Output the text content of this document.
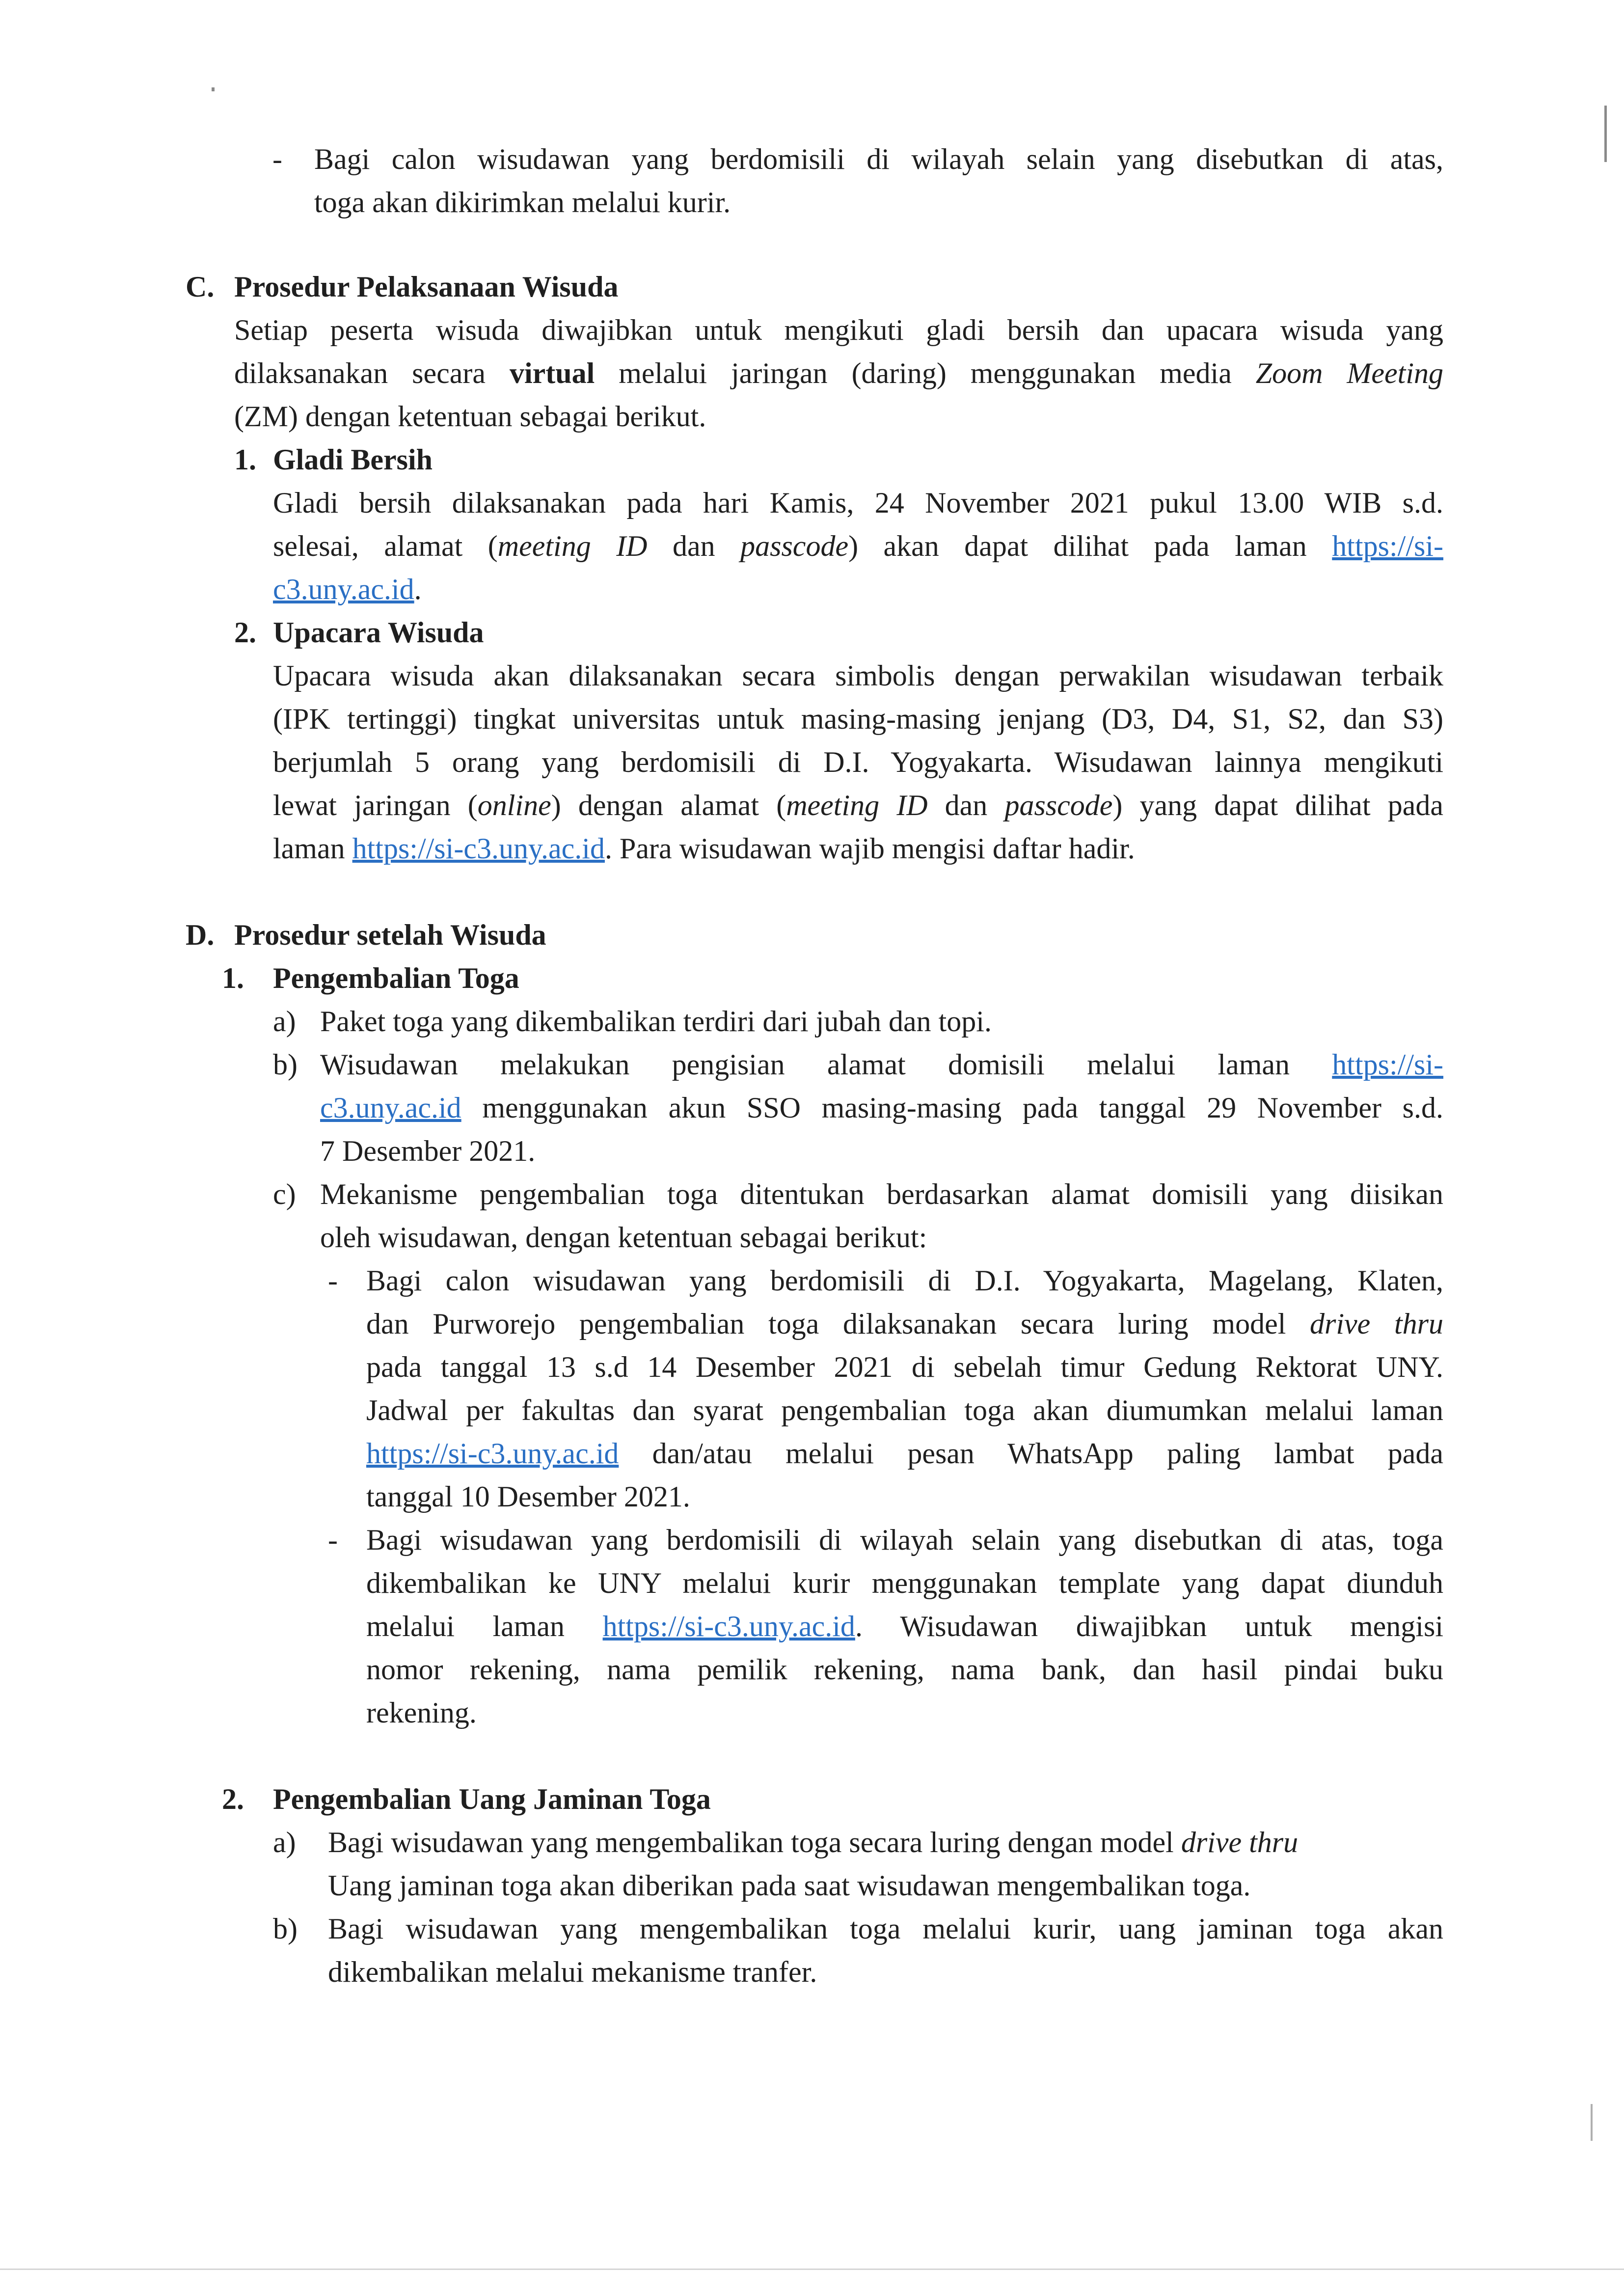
- Bagi calon wisudawan yang berdomisili di wilayah selain yang disebutkan di atas,
toga akan dikirimkan melalui kurir.
C. Prosedur Pelaksanaan Wisuda
Setiap peserta wisuda diwajibkan untuk mengikuti gladi bersih dan upacara wisuda yang
dilaksanakan secara virtual melalui jaringan (daring) menggunakan media Zoom Meeting
(ZM) dengan ketentuan sebagai berikut.
1. Gladi Bersih
Gladi bersih dilaksanakan pada hari Kamis, 24 November 2021 pukul 13.00 WIB s.d.
selesai, alamat (meeting ID dan passcode) akan dapat dilihat pada laman https://si-
c3.uny.ac.id.
2. Upacara Wisuda
Upacara wisuda akan dilaksanakan secara simbolis dengan perwakilan wisudawan terbaik
(IPK tertinggi) tingkat universitas untuk masing-masing jenjang (D3, D4, S1, S2, dan S3)
berjumlah 5 orang yang berdomisili di D.I. Yogyakarta. Wisudawan lainnya mengikuti
lewat jaringan (online) dengan alamat (meeting ID dan passcode) yang dapat dilihat pada
laman https://si-c3.uny.ac.id. Para wisudawan wajib mengisi daftar hadir.
D. Prosedur setelah Wisuda
1. Pengembalian Toga
a) Paket toga yang dikembalikan terdiri dari jubah dan topi.
b) Wisudawan melakukan pengisian alamat domisili melalui laman https://si-
c3.uny.ac.id menggunakan akun SSO masing-masing pada tanggal 29 November s.d.
7 Desember 2021.
c) Mekanisme pengembalian toga ditentukan berdasarkan alamat domisili yang diisikan
oleh wisudawan, dengan ketentuan sebagai berikut:
- Bagi calon wisudawan yang berdomisili di D.I. Yogyakarta, Magelang, Klaten,
dan Purworejo pengembalian toga dilaksanakan secara luring model drive thru
pada tanggal 13 s.d 14 Desember 2021 di sebelah timur Gedung Rektorat UNY.
Jadwal per fakultas dan syarat pengembalian toga akan diumumkan melalui laman
https://si-c3.uny.ac.id dan/atau melalui pesan WhatsApp paling lambat pada
tanggal 10 Desember 2021.
- Bagi wisudawan yang berdomisili di wilayah selain yang disebutkan di atas, toga
dikembalikan ke UNY melalui kurir menggunakan template yang dapat diunduh
melalui laman https://si-c3.uny.ac.id. Wisudawan diwajibkan untuk mengisi
nomor rekening, nama pemilik rekening, nama bank, dan hasil pindai buku
rekening.
2. Pengembalian Uang Jaminan Toga
a) Bagi wisudawan yang mengembalikan toga secara luring dengan model drive thru
Uang jaminan toga akan diberikan pada saat wisudawan mengembalikan toga.
b) Bagi wisudawan yang mengembalikan toga melalui kurir, uang jaminan toga akan
dikembalikan melalui mekanisme tranfer.
